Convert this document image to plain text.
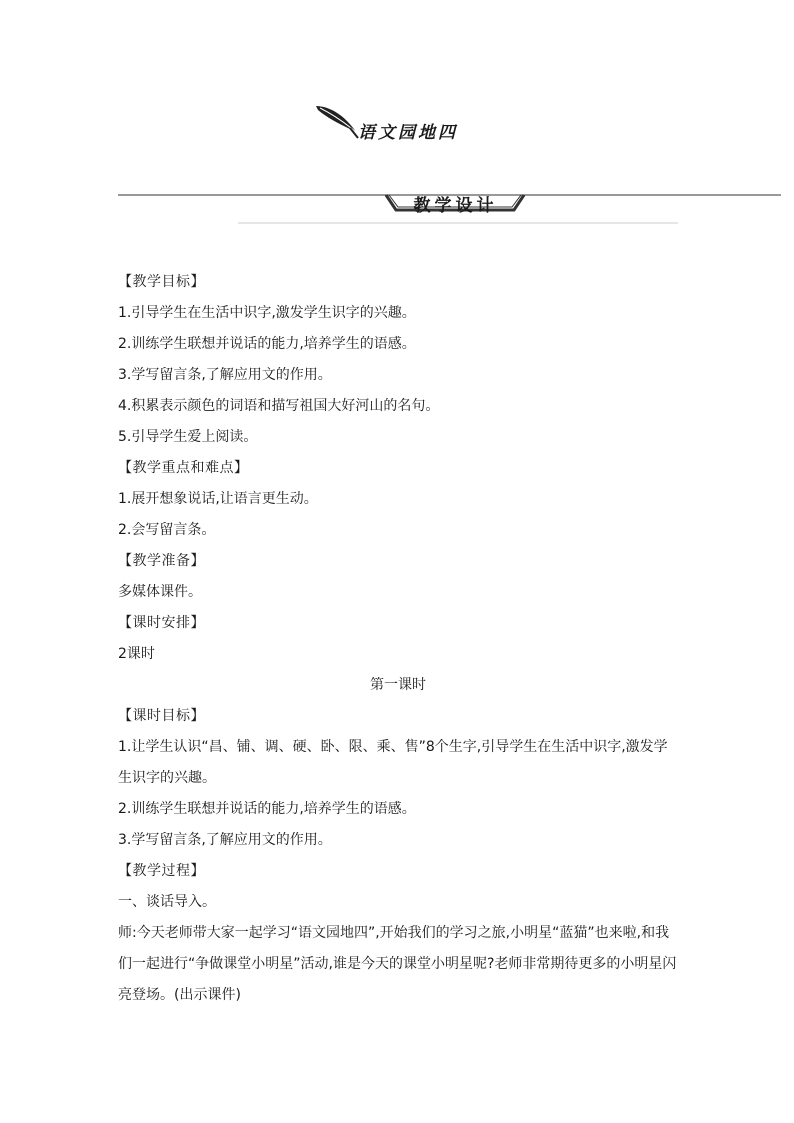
语文园地四
教学设计
【教学目标】
1.引导学生在生活中识字,激发学生识字的兴趣。
2.训练学生联想并说话的能力,培养学生的语感。
3.学写留言条,了解应用文的作用。
4.积累表示颜色的词语和描写祖国大好河山的名句。
5.引导学生爱上阅读。
【教学重点和难点】
1.展开想象说话,让语言更生动。
2.会写留言条。
【教学准备】
多媒体课件。
【课时安排】
2课时
第一课时
【课时目标】
1.让学生认识“昌、铺、调、硬、卧、限、乘、售”8个生字,引导学生在生活中识字,激发学生识字的兴趣。
2.训练学生联想并说话的能力,培养学生的语感。
3.学写留言条,了解应用文的作用。
【教学过程】
一、谈话导入。
师:今天老师带大家一起学习“语文园地四”,开始我们的学习之旅,小明星“蓝猫”也来啦,和我们一起进行“争做课堂小明星”活动,谁是今天的课堂小明星呢?老师非常期待更多的小明星闪亮登场。(出示课件)
